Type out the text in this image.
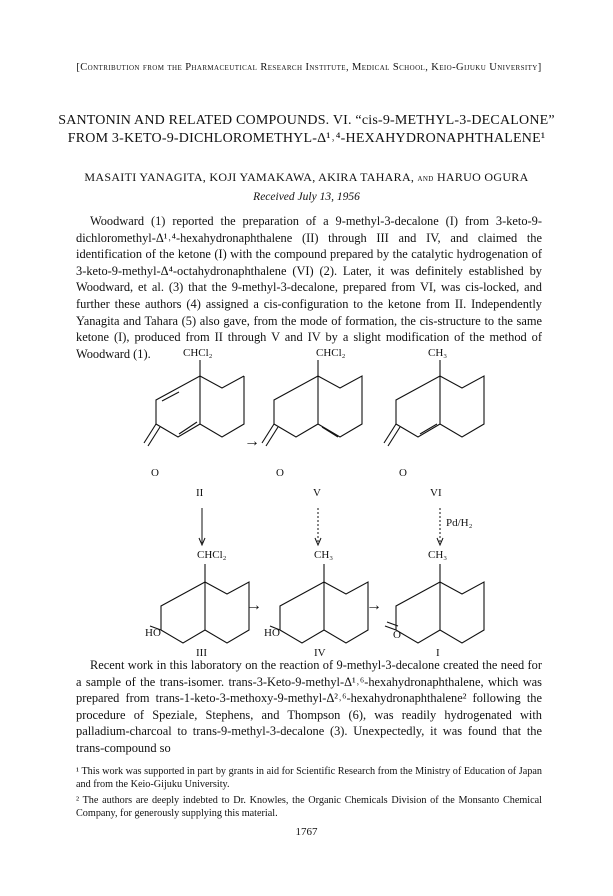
[Contribution from the Pharmaceutical Research Institute, Medical School, Keio-Gijuku University]
SANTONIN AND RELATED COMPOUNDS. VI. “cis-9-METHYL-3-DECALONE” FROM 3-KETO-9-DICHLOROMETHYL-Δ¹˒⁴-HEXAHYDRONAPHTHALENE¹
MASAITI YANAGITA, KOJI YAMAKAWA, AKIRA TAHARA, and HARUO OGURA
Received July 13, 1956
Woodward (1) reported the preparation of a 9-methyl-3-decalone (I) from 3-keto-9-dichloromethyl-Δ¹˒⁴-hexahydronaphthalene (II) through III and IV, and claimed the identification of the ketone (I) with the compound prepared by the catalytic hydrogenation of 3-keto-9-methyl-Δ⁴-octahydronaphthalene (VI) (2). Later, it was definitely established by Woodward, et al. (3) that the 9-methyl-3-decalone, prepared from VI, was cis-locked, and further these authors (4) assigned a cis-configuration to the ketone from II. Independently Yanagita and Tahara (5) also gave, from the mode of formation, the cis-structure to the same ketone (I), produced from II through V and IV by a slight modification of the method of Woodward (1).	CHCl₂
O
II
→
CHCl₂
O
V
CH₃
O
VI
Pd/H₂
CHCl₂
HO
III
→
CH₃
HO
IV
→
CH₃
O
I
Recent work in this laboratory on the reaction of 9-methyl-3-decalone created the need for a sample of the trans-isomer. trans-3-Keto-9-methyl-Δ¹˒⁶-hexahydronaphthalene, which was prepared from trans-1-keto-3-methoxy-9-methyl-Δ²˒⁶-hexahydronaphthalene² following the procedure of Speziale, Stephens, and Thompson (6), was readily hydrogenated with palladium-charcoal to trans-9-methyl-3-decalone (3). Unexpectedly, it was found that the trans-compound so
¹ This work was supported in part by grants in aid for Scientific Research from the Ministry of Education of Japan and from the Keio-Gijuku University.
² The authors are deeply indebted to Dr. Knowles, the Organic Chemicals Division of the Monsanto Chemical Company, for generously supplying this material.
1767
